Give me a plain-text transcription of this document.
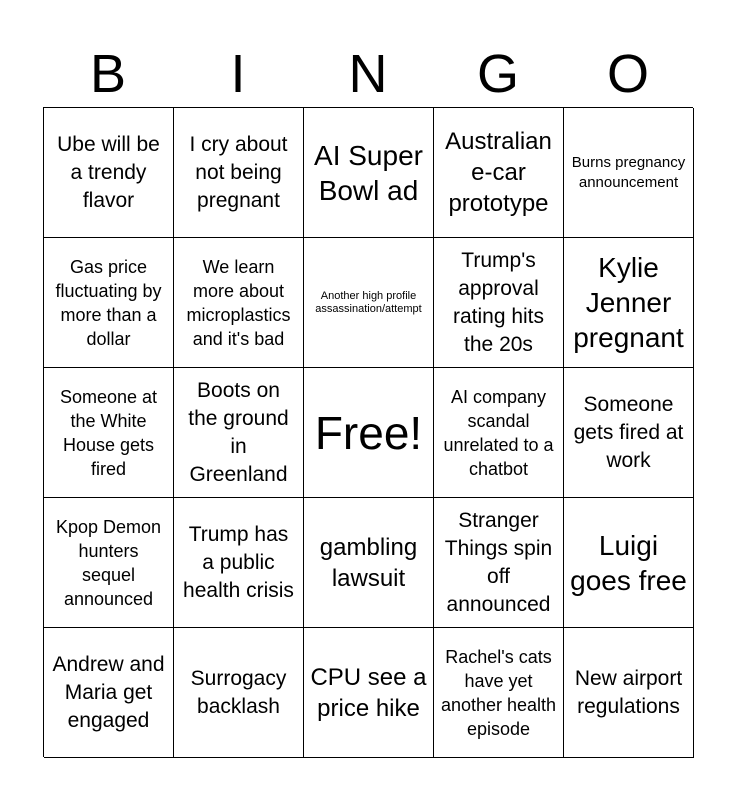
B	I	N	G	O
Ube will be a trendy flavor
I cry about not being pregnant
AI Super Bowl ad
Australian e-car prototype
Burns pregnancy announcement
Gas price fluctuating by more than a dollar
We learn more about microplastics and it's bad
Another high profile assassination/attempt
Trump's approval rating hits the 20s
Kylie Jenner pregnant
Someone at the White House gets fired
Boots on the ground in Greenland
Free!
AI company scandal unrelated to a chatbot
Someone gets fired at work
Kpop Demon hunters sequel announced
Trump has a public health crisis
gambling lawsuit
Stranger Things spin off announced
Luigi goes free
Andrew and Maria get engaged
Surrogacy backlash
CPU see a price hike
Rachel's cats have yet another health episode
New airport regulations
